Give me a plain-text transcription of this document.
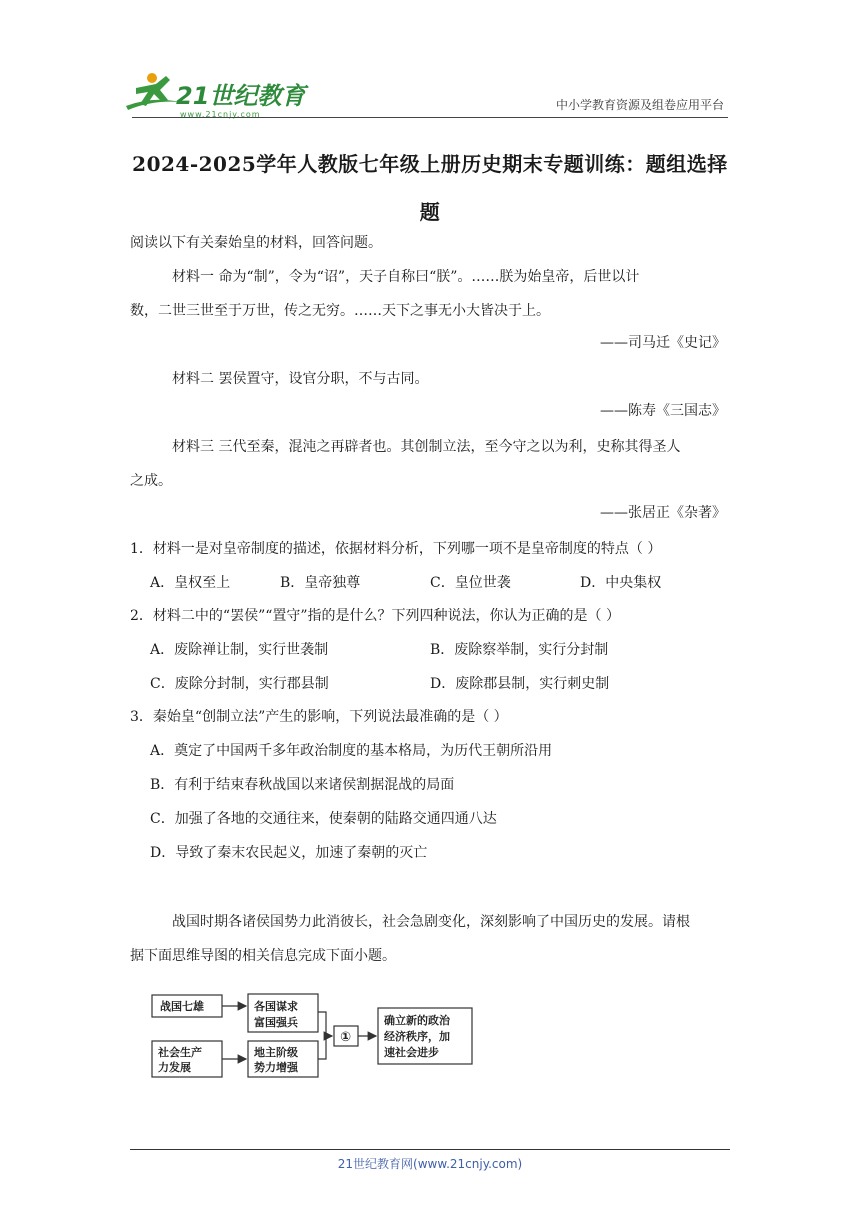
21世纪教育
www.21cnjy.com
中小学教育资源及组卷应用平台
2024-2025学年人教版七年级上册历史期末专题训练：题组选择
题
阅读以下有关秦始皇的材料，回答问题。
材料一 命为“制”，令为“诏”，天子自称曰“朕”。……朕为始皇帝，后世以计
数，二世三世至于万世，传之无穷。……天下之事无小大皆决于上。
——司马迁《史记》
材料二 罢侯置守，设官分职，不与古同。
——陈寿《三国志》
材料三 三代至秦，混沌之再辟者也。其创制立法，至今守之以为利，史称其得圣人
之成。
——张居正《杂著》
1．材料一是对皇帝制度的描述，依据材料分析，下列哪一项不是皇帝制度的特点（ ）
A．皇权至上	B．皇帝独尊	C．皇位世袭	D．中央集权
2．材料二中的“罢侯”“置守”指的是什么？下列四种说法，你认为正确的是（ ）
A．废除禅让制，实行世袭制	B．废除察举制，实行分封制
C．废除分封制，实行郡县制	D．废除郡县制，实行刺史制
3．秦始皇“创制立法”产生的影响，下列说法最准确的是（ ）
A．奠定了中国两千多年政治制度的基本格局，为历代王朝所沿用
B．有利于结束春秋战国以来诸侯割据混战的局面
C．加强了各地的交通往来，使秦朝的陆路交通四通八达
D．导致了秦末农民起义，加速了秦朝的灭亡
战国时期各诸侯国势力此消彼长，社会急剧变化，深刻影响了中国历史的发展。请根
据下面思维导图的相关信息完成下面小题。
战国七雄	各国谋求
富国强兵
社会生产
力发展
地主阶级
势力增强
①
确立新的政治
经济秩序，加
速社会进步
21世纪教育网(www.21cnjy.com)
